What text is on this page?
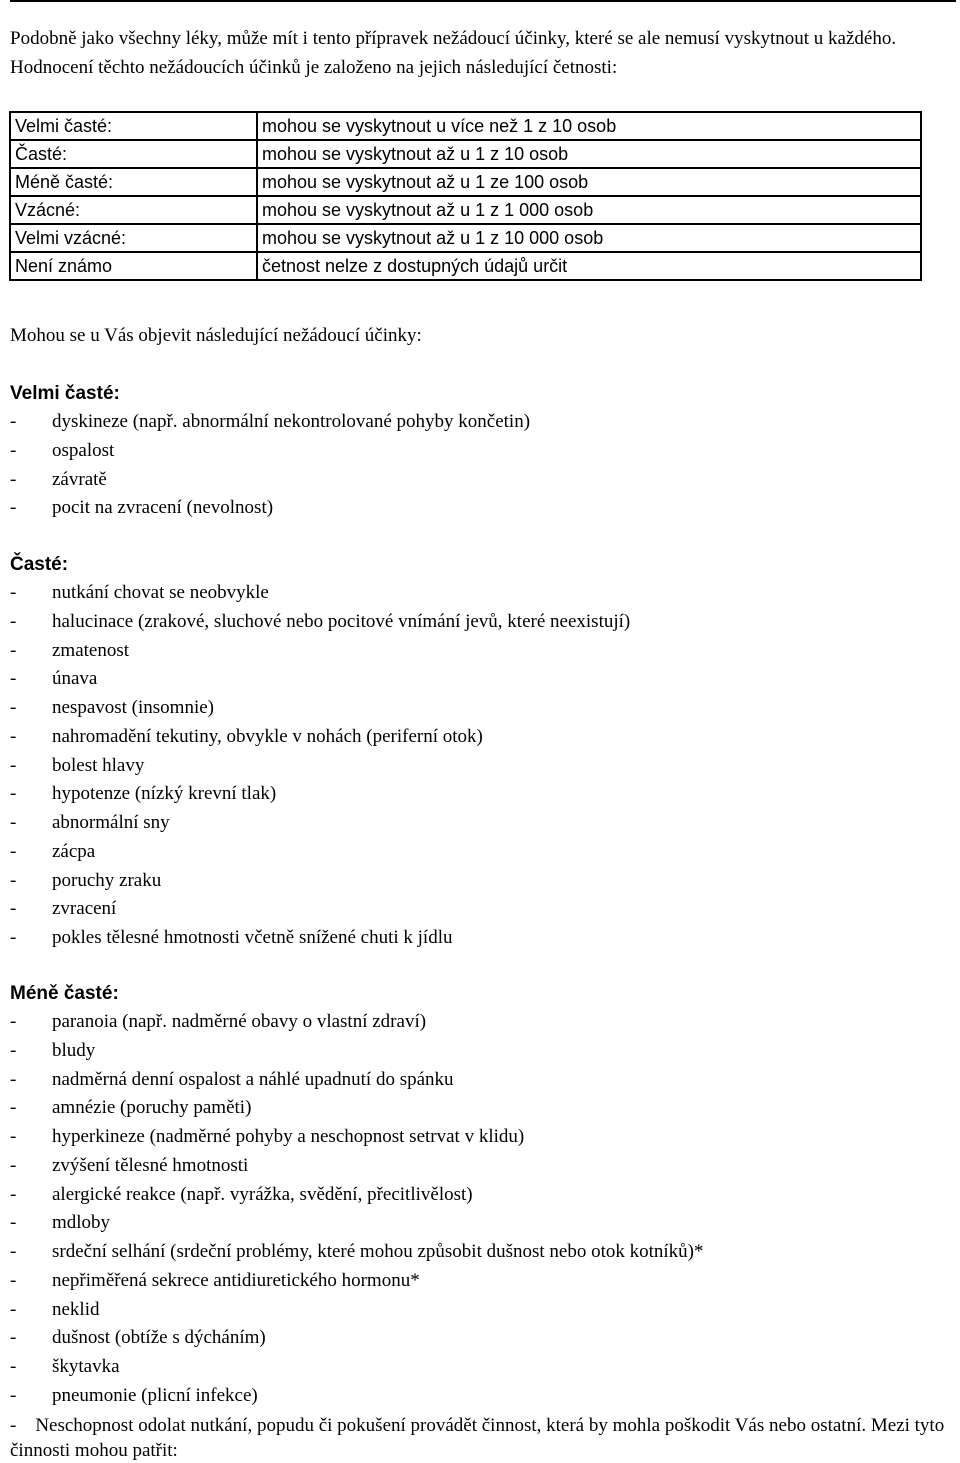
Podobně jako všechny léky, může mít i tento přípravek nežádoucí účinky, které se ale nemusí vyskytnout u každého. Hodnocení těchto nežádoucích účinků je založeno na jejich následující četnosti:

Velmi časté:	mohou se vyskytnout u více než 1 z 10 osob
Časté:	mohou se vyskytnout až u 1 z 10 osob
Méně časté:	mohou se vyskytnout až u 1 ze 100 osob
Vzácné:	mohou se vyskytnout až u 1 z 1 000 osob
Velmi vzácné:	mohou se vyskytnout až u 1 z 10 000 osob
Není známo	četnost nelze z dostupných údajů určit

Mohou se u Vás objevit následující nežádoucí účinky:

Velmi časté:
- dyskineze (např. abnormální nekontrolované pohyby končetin)
- ospalost
- závratě
- pocit na zvracení (nevolnost)
Časté:
- nutkání chovat se neobvykle
- halucinace (zrakové, sluchové nebo pocitové vnímání jevů, které neexistují)
- zmatenost
- únava
- nespavost (insomnie)
- nahromadění tekutiny, obvykle v nohách (periferní otok)
- bolest hlavy
- hypotenze (nízký krevní tlak)
- abnormální sny
- zácpa
- poruchy zraku
- zvracení
- pokles tělesné hmotnosti včetně snížené chuti k jídlu
Méně časté:
- paranoia (např. nadměrné obavy o vlastní zdraví)
- bludy
- nadměrná denní ospalost a náhlé upadnutí do spánku
- amnézie (poruchy paměti)
- hyperkineze (nadměrné pohyby a neschopnost setrvat v klidu)
- zvýšení tělesné hmotnosti
- alergické reakce (např. vyrážka, svědění, přecitlivělost)
- mdloby
- srdeční selhání (srdeční problémy, které mohou způsobit dušnost nebo otok kotníků)*
- nepřiměřená sekrece antidiuretického hormonu*
- neklid
- dušnost (obtíže s dýcháním)
- škytavka
- pneumonie (plicní infekce)

- Neschopnost odolat nutkání, popudu či pokušení provádět činnost, která by mohla poškodit Vás nebo ostatní. Mezi tyto činnosti mohou patřit:
